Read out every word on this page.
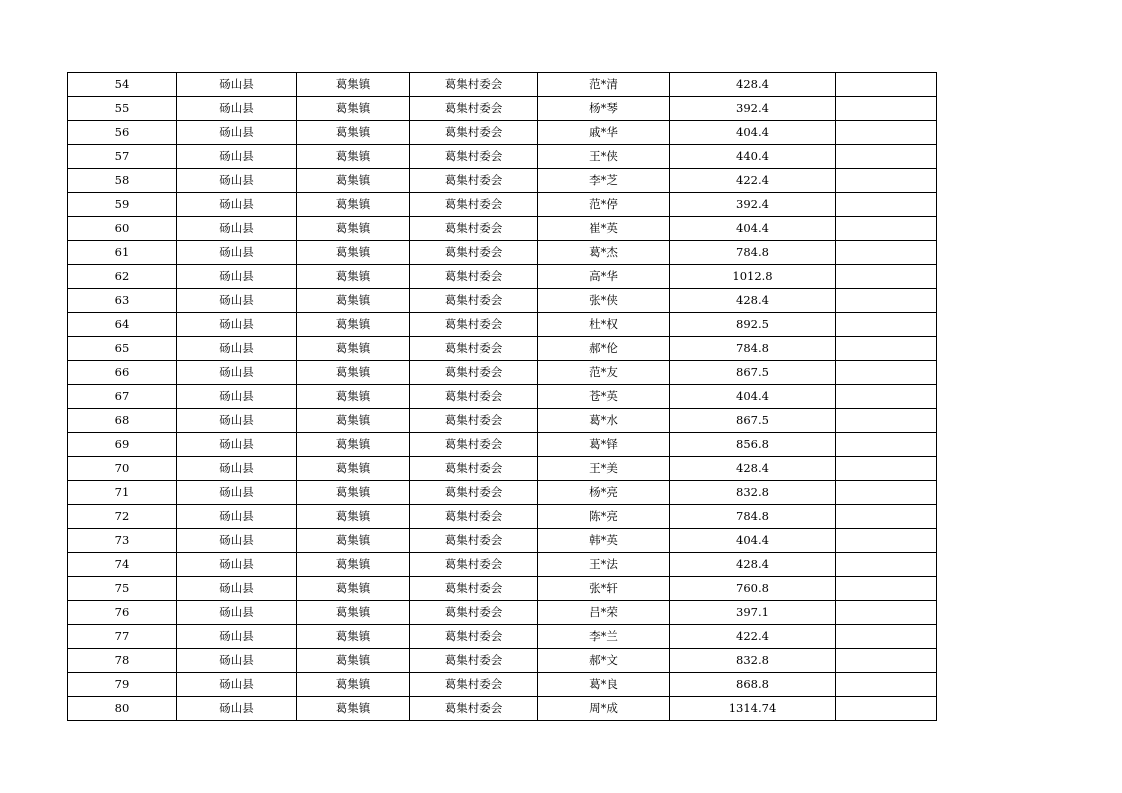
54	砀山县	葛集镇	葛集村委会	范*清	428.4	
55	砀山县	葛集镇	葛集村委会	杨*琴	392.4	
56	砀山县	葛集镇	葛集村委会	戚*华	404.4	
57	砀山县	葛集镇	葛集村委会	王*侠	440.4	
58	砀山县	葛集镇	葛集村委会	李*芝	422.4	
59	砀山县	葛集镇	葛集村委会	范*停	392.4	
60	砀山县	葛集镇	葛集村委会	崔*英	404.4	
61	砀山县	葛集镇	葛集村委会	葛*杰	784.8	
62	砀山县	葛集镇	葛集村委会	高*华	1012.8	
63	砀山县	葛集镇	葛集村委会	张*侠	428.4	
64	砀山县	葛集镇	葛集村委会	杜*权	892.5	
65	砀山县	葛集镇	葛集村委会	郝*伦	784.8	
66	砀山县	葛集镇	葛集村委会	范*友	867.5	
67	砀山县	葛集镇	葛集村委会	苍*英	404.4	
68	砀山县	葛集镇	葛集村委会	葛*水	867.5	
69	砀山县	葛集镇	葛集村委会	葛*铎	856.8	
70	砀山县	葛集镇	葛集村委会	王*美	428.4	
71	砀山县	葛集镇	葛集村委会	杨*亮	832.8	
72	砀山县	葛集镇	葛集村委会	陈*亮	784.8	
73	砀山县	葛集镇	葛集村委会	韩*英	404.4	
74	砀山县	葛集镇	葛集村委会	王*法	428.4	
75	砀山县	葛集镇	葛集村委会	张*轩	760.8	
76	砀山县	葛集镇	葛集村委会	吕*荣	397.1	
77	砀山县	葛集镇	葛集村委会	李*兰	422.4	
78	砀山县	葛集镇	葛集村委会	郝*文	832.8	
79	砀山县	葛集镇	葛集村委会	葛*良	868.8	
80	砀山县	葛集镇	葛集村委会	周*成	1314.74	
